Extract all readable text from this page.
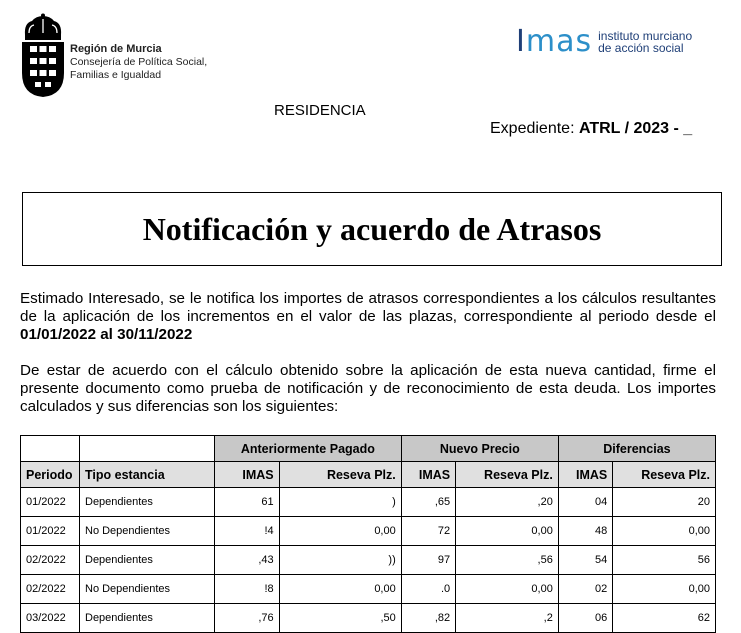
Región de Murcia
Consejería de Política Social,
Familias e Igualdad
Imas instituto murciano
de acción social
RESIDENCIA
Expediente: ATRL / 2023 - _
Notificación y acuerdo de Atrasos
Estimado Interesado, se le notifica los importes de atrasos correspondientes a los cálculos resultantes de la aplicación de los incrementos en el valor de las plazas, correspondiente al periodo desde el 01/01/2022 al 30/11/2022
De estar de acuerdo con el cálculo obtenido sobre la aplicación de esta nueva cantidad, firme el presente documento como prueba de notificación y de reconocimiento de esta deuda. Los importes calculados y sus diferencias son los siguientes:
		Anteriormente Pagado		Nuevo Precio		Diferencias	
Periodo	Tipo estancia	IMAS	Reseva Plz.	IMAS	Reseva Plz.	IMAS	Reseva Plz.
01/2022	Dependientes	61	)	,65	,20	04	20
01/2022	No Dependientes	!4	0,00	72	0,00	48	0,00
02/2022	Dependientes	,43	))	97	,56	54	56
02/2022	No Dependientes	!8	0,00	.0	0,00	02	0,00
03/2022	Dependientes	,76	,50	,82	,2	06	62
